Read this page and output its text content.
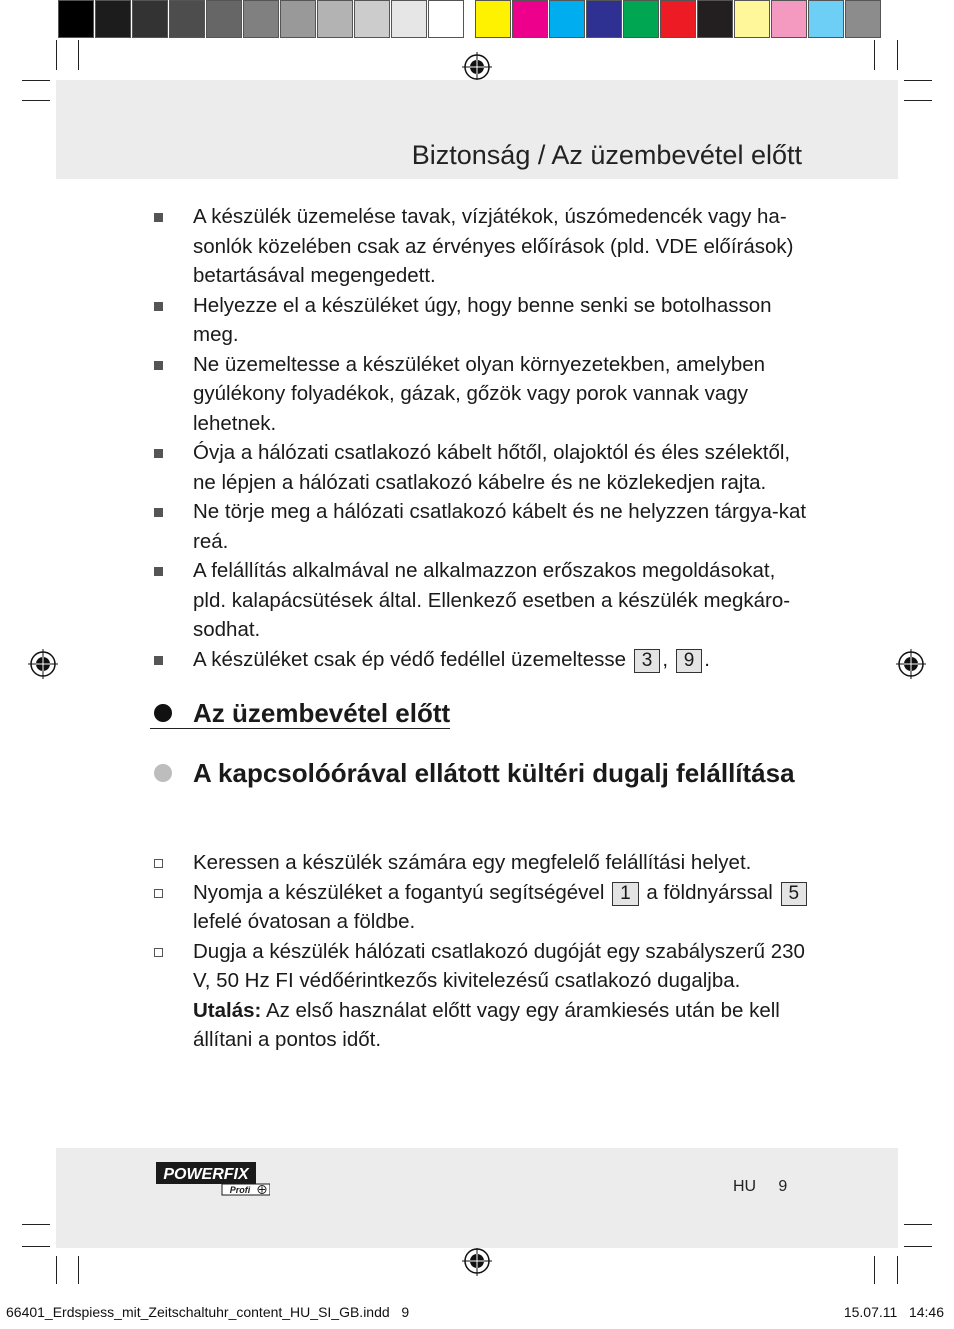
Biztonság / Az üzembevétel előtt
A készülék üzemelése tavak, vízjátékok, úszómedencék vagy ha-sonlók közelében csak az érvényes előírások (pld. VDE előírások) betartásával megengedett.
Helyezze el a készüléket úgy, hogy benne senki se botolhasson meg.
Ne üzemeltesse a készüléket olyan környezetekben, amelyben gyúlékony folyadékok, gázak, gőzök vagy porok vannak vagy lehetnek.
Óvja a hálózati csatlakozó kábelt hőtől, olajoktól és éles szélektől, ne lépjen a hálózati csatlakozó kábelre és ne közlekedjen rajta.
Ne törje meg a hálózati csatlakozó kábelt és ne helyzzen tárgya-kat reá.
A felállítás alkalmával ne alkalmazzon erőszakos megoldásokat, pld. kalapácsütések által. Ellenkező esetben a készülék megkáro-sodhat.
A készüléket csak ép védő fedéllel üzemeltesse 3 , 9 .
Az üzembevétel előtt
A kapcsolóórával ellátott kültéri dugalj felállítása
Keressen a készülék számára egy megfelelő felállítási helyet.
Nyomja a készüléket a fogantyú segítségével 1 a földnyárssal 5 lefelé óvatosan a földbe.
Dugja a készülék hálózati csatlakozó dugóját egy szabályszerű 230 V, 50 Hz FI védőérintkezős kivitelezésű csatlakozó dugaljba.
Utalás: Az első használat előtt vagy egy áramkiesés után be kell állítani a pontos időt.
POWERFIX
Profi	HU 9
66401_Erdspiess_mit_Zeitschaltuhr_content_HU_SI_GB.indd   9	15.07.11   14:46
